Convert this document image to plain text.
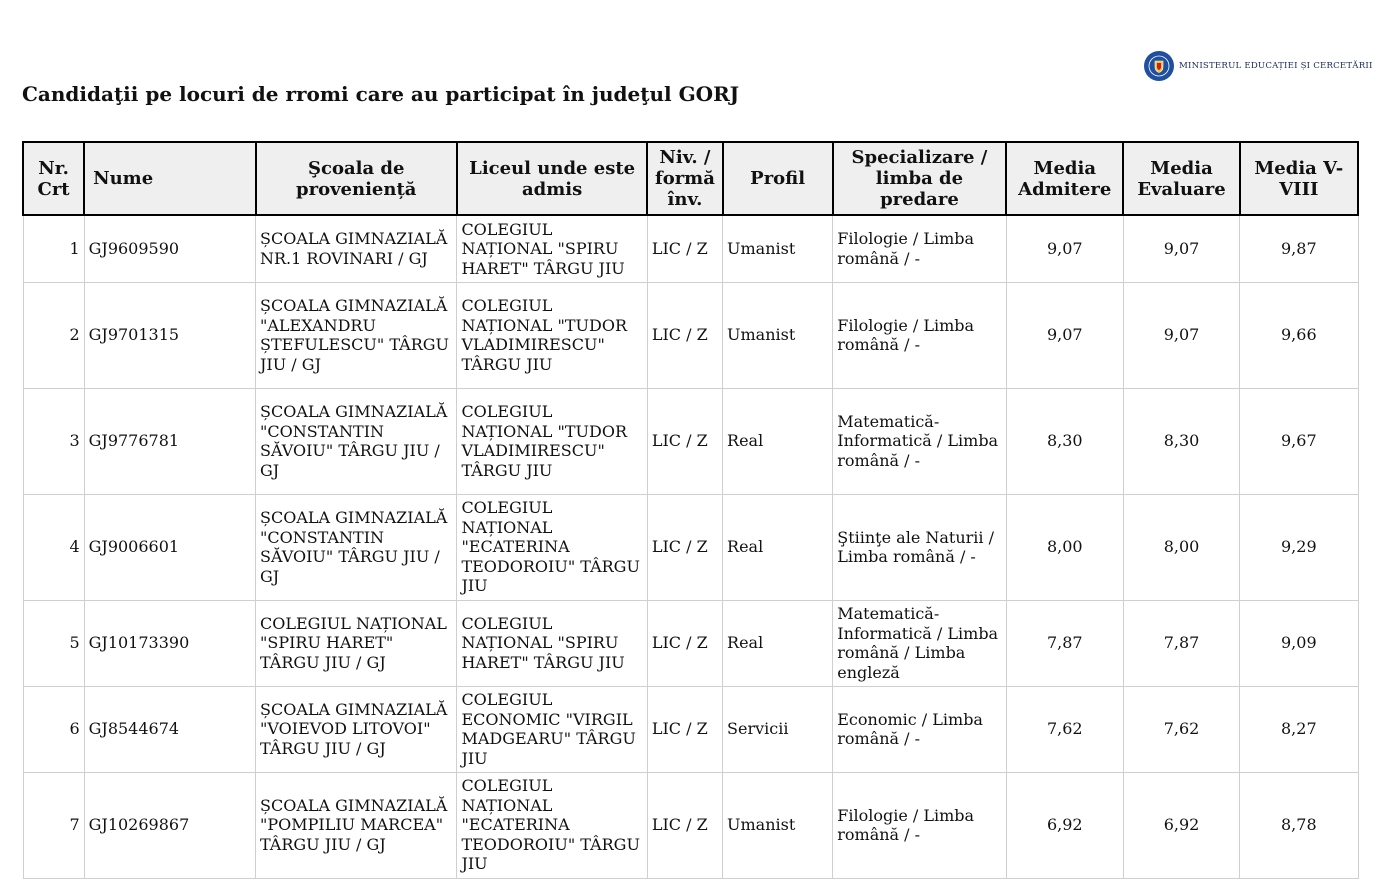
MINISTERUL EDUCAȚIEI ȘI CERCETĂRII
Candidaţii pe locuri de rromi care au participat în judeţul GORJ
Nr. Crt	Nume	Şcoala de proveniență	Liceul unde este admis	Niv. / formă înv.	Profil	Specializare / limba de predare	Media Admitere	Media Evaluare	Media V-VIII
1	GJ9609590	ȘCOALA GIMNAZIALĂ NR.1 ROVINARI / GJ	COLEGIUL NAȚIONAL "SPIRU HARET" TÂRGU JIU	LIC / Z	Umanist	Filologie / Limba română / -	9,07	9,07	9,87
2	GJ9701315	ȘCOALA GIMNAZIALĂ "ALEXANDRU ȘTEFULESCU" TÂRGU JIU / GJ	COLEGIUL NAȚIONAL "TUDOR VLADIMIRESCU" TÂRGU JIU	LIC / Z	Umanist	Filologie / Limba română / -	9,07	9,07	9,66
3	GJ9776781	ȘCOALA GIMNAZIALĂ "CONSTANTIN SĂVOIU" TÂRGU JIU / GJ	COLEGIUL NAȚIONAL "TUDOR VLADIMIRESCU" TÂRGU JIU	LIC / Z	Real	Matematică-Informatică / Limba română / -	8,30	8,30	9,67
4	GJ9006601	ȘCOALA GIMNAZIALĂ "CONSTANTIN SĂVOIU" TÂRGU JIU / GJ	COLEGIUL NAȚIONAL "ECATERINA TEODOROIU" TÂRGU JIU	LIC / Z	Real	Ştiinţe ale Naturii / Limba română / -	8,00	8,00	9,29
5	GJ10173390	COLEGIUL NAȚIONAL "SPIRU HARET" TÂRGU JIU / GJ	COLEGIUL NAȚIONAL "SPIRU HARET" TÂRGU JIU	LIC / Z	Real	Matematică-Informatică / Limba română / Limba engleză	7,87	7,87	9,09
6	GJ8544674	ȘCOALA GIMNAZIALĂ "VOIEVOD LITOVOI" TÂRGU JIU / GJ	COLEGIUL ECONOMIC "VIRGIL MADGEARU" TÂRGU JIU	LIC / Z	Servicii	Economic / Limba română / -	7,62	7,62	8,27
7	GJ10269867	ȘCOALA GIMNAZIALĂ "POMPILIU MARCEA" TÂRGU JIU / GJ	COLEGIUL NAȚIONAL "ECATERINA TEODOROIU" TÂRGU JIU	LIC / Z	Umanist	Filologie / Limba română / -	6,92	6,92	8,78
